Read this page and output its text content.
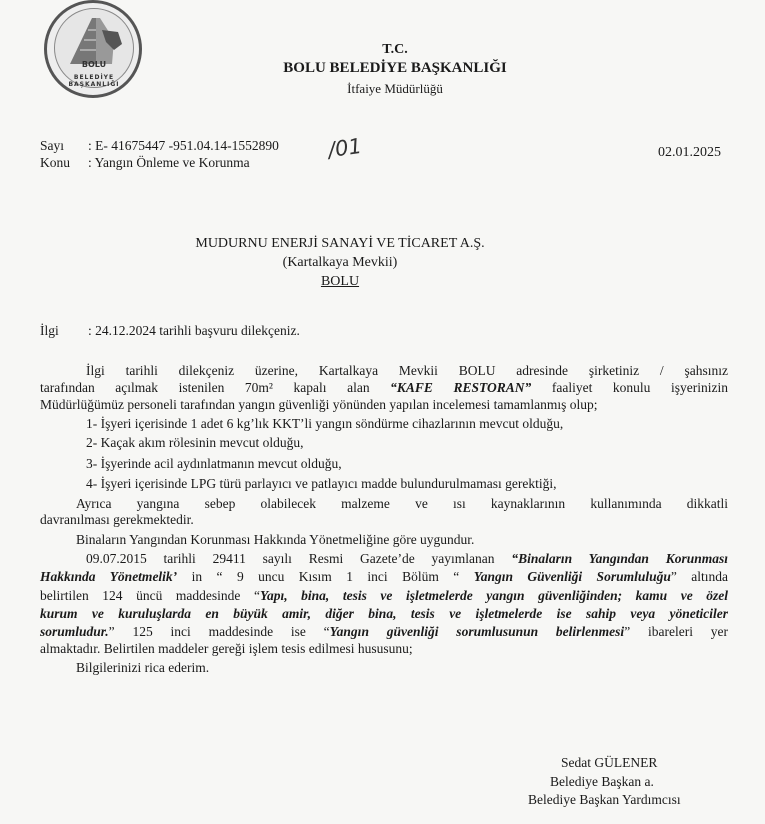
BOLU
BELEDİYE BAŞKANLIĞI
T.C.
BOLU BELEDİYE BAŞKANLIĞI
İtfaiye Müdürlüğü
Sayı : E- 41675447 -951.04.14-1552890 /01
Konu : Yangın Önleme ve Korunma
02.01.2025
MUDURNU ENERJİ SANAYİ VE TİCARET A.Ş.
(Kartalkaya Mevkii)
BOLU
İlgi : 24.12.2024 tarihli başvuru dilekçeniz.
İlgi tarihli dilekçeniz üzerine, Kartalkaya Mevkii BOLU adresinde şirketiniz / şahsınız
tarafından açılmak istenilen 70m² kapalı alan “KAFE RESTORAN” faaliyet konulu işyerinizin
Müdürlüğümüz personeli tarafından yangın güvenliği yönünden yapılan incelemesi tamamlanmış olup;
1- İşyeri içerisinde 1 adet 6 kg’lık KKT’li yangın söndürme cihazlarının mevcut olduğu,
2- Kaçak akım rölesinin mevcut olduğu,
3- İşyerinde acil aydınlatmanın mevcut olduğu,
4- İşyeri içerisinde LPG türü parlayıcı ve patlayıcı madde bulundurulmaması gerektiği,
Ayrıca yangına sebep olabilecek malzeme ve ısı kaynaklarının kullanımında dikkatli
davranılması gerekmektedir.
Binaların Yangından Korunması Hakkında Yönetmeliğine göre uygundur.
09.07.2015 tarihli 29411 sayılı Resmi Gazete’de yayımlanan “Binaların Yangından Korunması
Hakkında Yönetmelik’ in “ 9 uncu Kısım 1 inci Bölüm “ Yangın Güvenliği Sorumluluğu” altında
belirtilen 124 üncü maddesinde “Yapı, bina, tesis ve işletmelerde yangın güvenliğinden; kamu ve özel
kurum ve kuruluşlarda en büyük amir, diğer bina, tesis ve işletmelerde ise sahip veya yöneticiler
sorumludur.” 125 inci maddesinde ise “Yangın güvenliği sorumlusunun belirlenmesi” ibareleri yer
almaktadır. Belirtilen maddeler gereği işlem tesis edilmesi hususunu;
Bilgilerinizi rica ederim.
Sedat GÜLENER
Belediye Başkan a.
Belediye Başkan Yardımcısı
